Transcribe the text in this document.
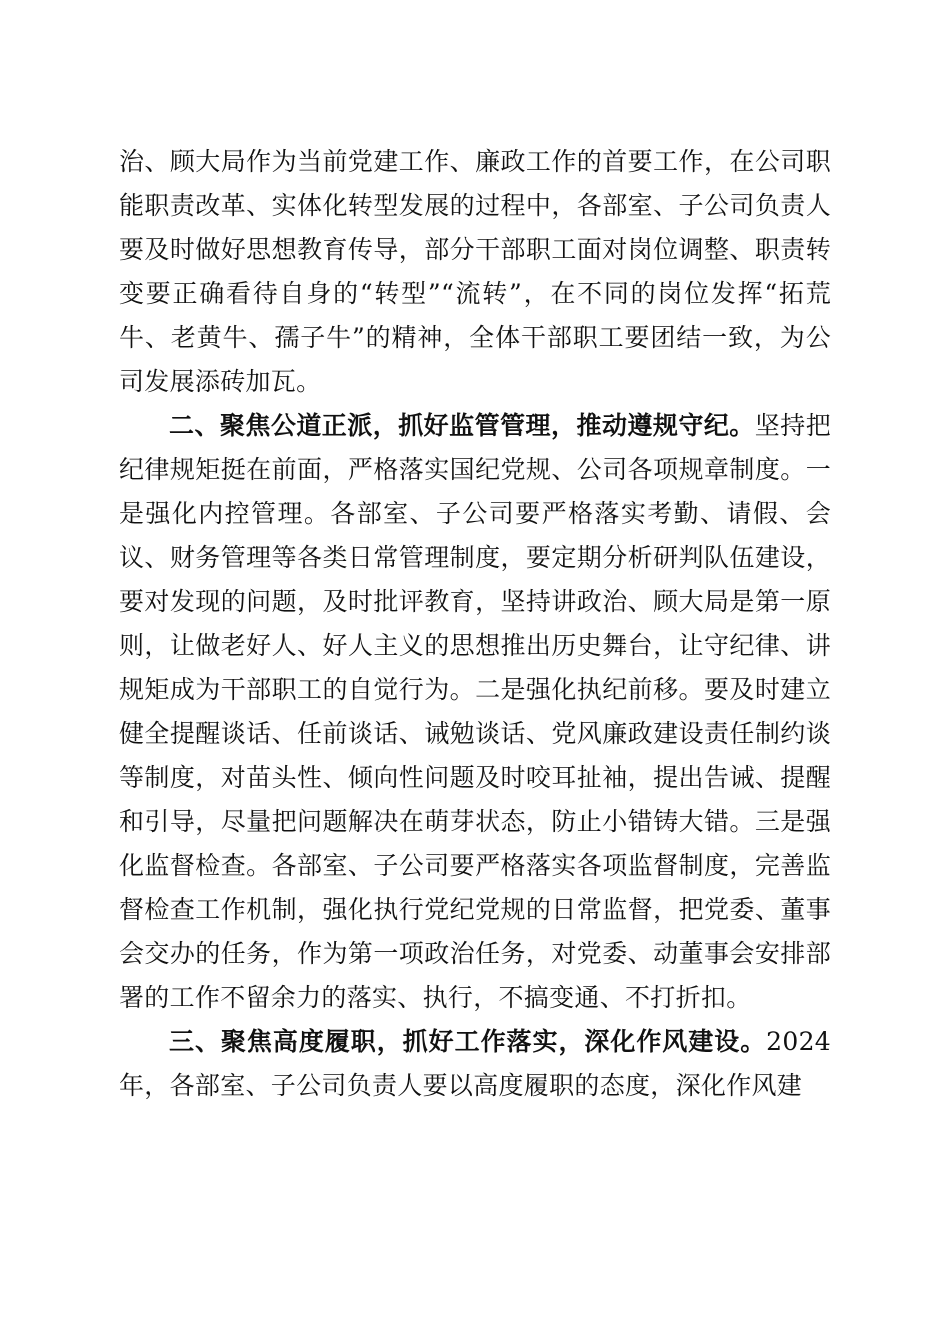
治、顾大局作为当前党建工作、廉政工作的首要工作，在公司职能职责改革、实体化转型发展的过程中，各部室、子公司负责人要及时做好思想教育传导，部分干部职工面对岗位调整、职责转变要正确看待自身的“转型”“流转”，在不同的岗位发挥“拓荒牛、老黄牛、孺子牛”的精神，全体干部职工要团结一致，为公司发展添砖加瓦。

二、聚焦公道正派，抓好监管管理，推动遵规守纪。坚持把纪律规矩挺在前面，严格落实国纪党规、公司各项规章制度。一是强化内控管理。各部室、子公司要严格落实考勤、请假、会议、财务管理等各类日常管理制度，要定期分析研判队伍建设，要对发现的问题，及时批评教育，坚持讲政治、顾大局是第一原则，让做老好人、好人主义的思想推出历史舞台，让守纪律、讲规矩成为干部职工的自觉行为。二是强化执纪前移。要及时建立健全提醒谈话、任前谈话、诫勉谈话、党风廉政建设责任制约谈等制度，对苗头性、倾向性问题及时咬耳扯袖，提出告诫、提醒和引导，尽量把问题解决在萌芽状态，防止小错铸大错。三是强化监督检查。各部室、子公司要严格落实各项监督制度，完善监督检查工作机制，强化执行党纪党规的日常监督，把党委、董事会交办的任务，作为第一项政治任务，对党委、动董事会安排部署的工作不留余力的落实、执行，不搞变通、不打折扣。

三、聚焦高度履职，抓好工作落实，深化作风建设。2024年，各部室、子公司负责人要以高度履职的态度，深化作风建
